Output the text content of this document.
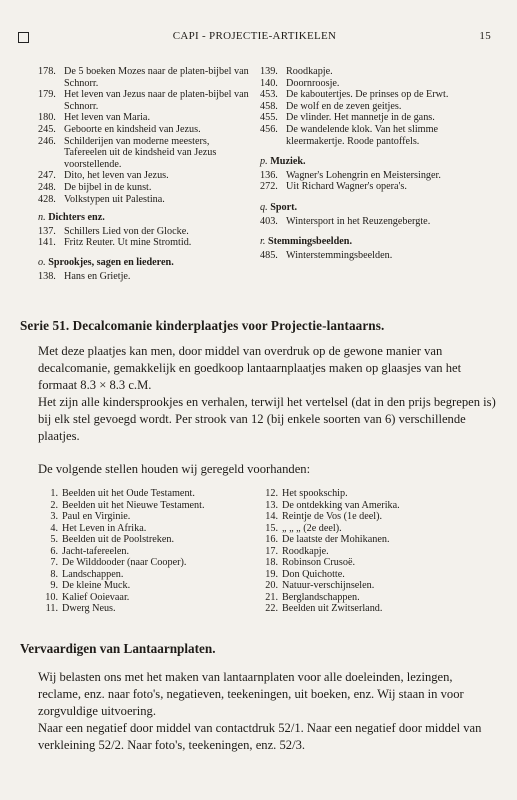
CAPI - PROJECTIE-ARTIKELEN	15
178. De 5 boeken Mozes naar de platen-bijbel van Schnorr.
179. Het leven van Jezus naar de platen-bijbel van Schnorr.
180. Het leven van Maria.
245. Geboorte en kindsheid van Jezus.
246. Schilderijen van moderne meesters, Tafereelen uit de kindsheid van Jezus voorstellende.
247. Dito, het leven van Jezus.
248. De bijbel in de kunst.
428. Volkstypen uit Palestina.
n. Dichters enz.
137. Schillers Lied von der Glocke.
141. Fritz Reuter. Ut mine Stromtid.
o. Sprookjes, sagen en liederen.
138. Hans en Grietje.
139. Roodkapje.
140. Doornroosje.
453. De kaboutertjes. De prinses op de Erwt.
458. De wolf en de zeven geitjes.
455. De vlinder. Het mannetje in de gans.
456. De wandelende klok. Van het slimme kleermakertje. Roode pantoffels.
p. Muziek.
136. Wagner's Lohengrin en Meistersinger.
272. Uit Richard Wagner's opera's.
q. Sport.
403. Wintersport in het Reuzengebergte.
r. Stemmingsbeelden.
485. Winterstemmingsbeelden.
Serie 51. Decalcomanie kinderplaatjes voor Projectie-lantaarns.

Met deze plaatjes kan men, door middel van overdruk op de gewone manier van decalcomanie, gemakkelijk en goedkoop lantaarnplaatjes maken op glaasjes van het formaat 8.3 × 8.3 c.M.

Het zijn alle kindersprookjes en verhalen, terwijl het vertelsel (dat in den prijs begrepen is) bij elk stel gevoegd wordt. Per strook van 12 (bij enkele soorten van 6) verschillende plaatjes.

De volgende stellen houden wij geregeld voorhanden:
1. Beelden uit het Oude Testament.
2. Beelden uit het Nieuwe Testament.
3. Paul en Virginie.
4. Het Leven in Afrika.
5. Beelden uit de Poolstreken.
6. Jacht-tafereelen.
7. De Wilddooder (naar Cooper).
8. Landschappen.
9. De kleine Muck.
10. Kalief Ooievaar.
11. Dwerg Neus.
12. Het spookschip.
13. De ontdekking van Amerika.
14. Reintje de Vos (1e deel).
15. „ „ „ (2e deel).
16. De laatste der Mohikanen.
17. Roodkapje.
18. Robinson Crusoë.
19. Don Quichotte.
20. Natuur-verschijnselen.
21. Berglandschappen.
22. Beelden uit Zwitserland.
Vervaardigen van Lantaarnplaten.

Wij belasten ons met het maken van lantaarnplaten voor alle doeleinden, lezingen, reclame, enz. naar foto's, negatieven, teekeningen, uit boeken, enz. Wij staan in voor zorgvuldige uitvoering.

Naar een negatief door middel van contactdruk 52/1. Naar een negatief door middel van verkleining 52/2. Naar foto's, teekeningen, enz. 52/3.
